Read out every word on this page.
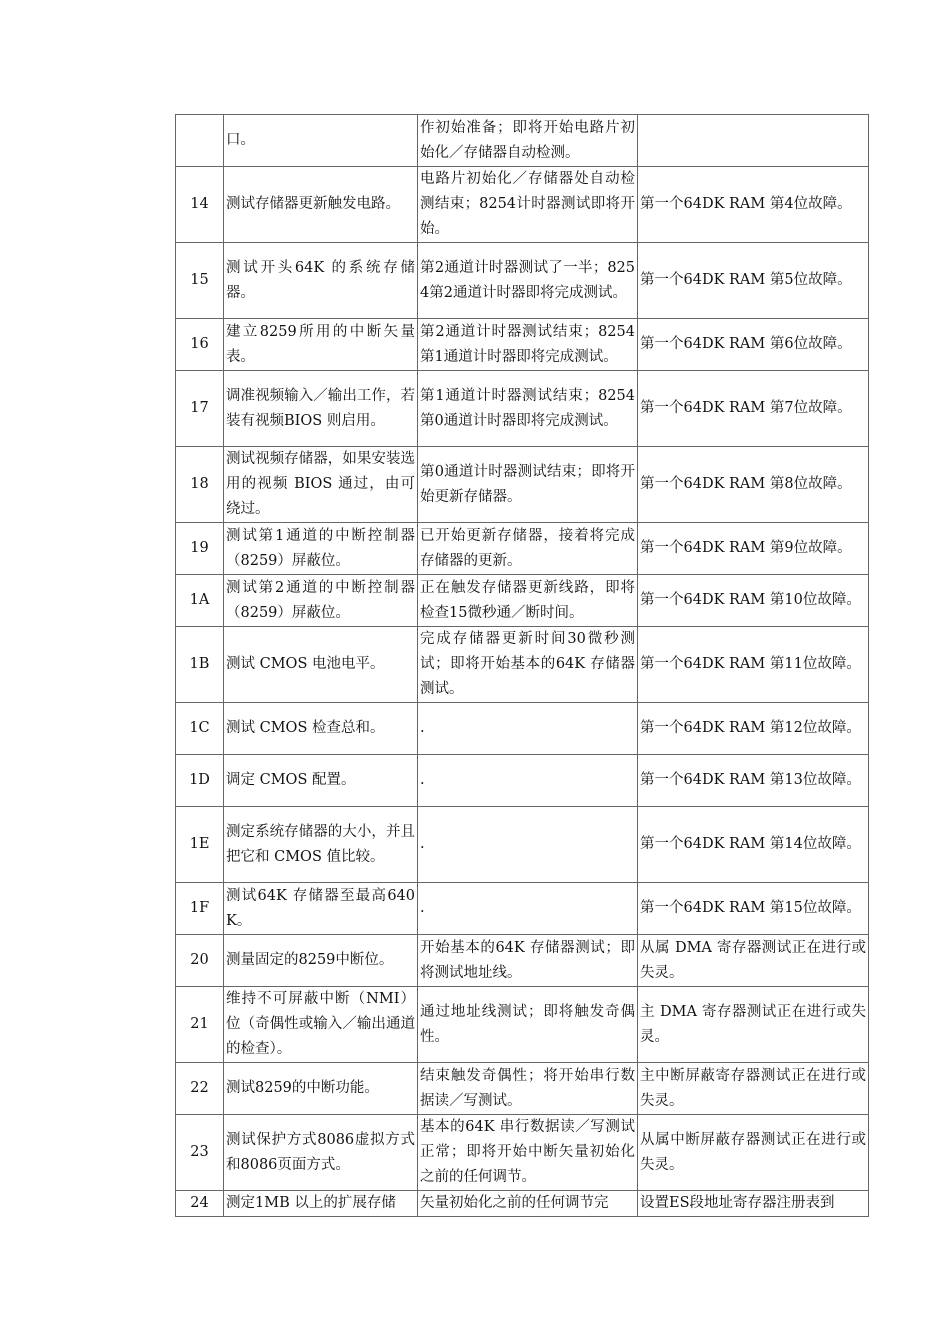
	口。	作初始准备；即将开始电路片初始化／存储器自动检测。	
14	测试存储器更新触发电路。	电路片初始化／存储器处自动检测结束；8254计时器测试即将开始。	第一个64DK RAM 第4位故障。
15	测试开头64K 的系统存储器。	第2通道计时器测试了一半；8254第2通道计时器即将完成测试。	第一个64DK RAM 第5位故障。
16	建立8259所用的中断矢量表。	第2通道计时器测试结束；8254第1通道计时器即将完成测试。	第一个64DK RAM 第6位故障。
17	调准视频输入／输出工作，若装有视频BIOS 则启用。	第1通道计时器测试结束；8254第0通道计时器即将完成测试。	第一个64DK RAM 第7位故障。
18	测试视频存储器，如果安装选用的视频 BIOS 通过，由可绕过。	第0通道计时器测试结束；即将开始更新存储器。	第一个64DK RAM 第8位故障。
19	测试第1通道的中断控制器（8259）屏蔽位。	已开始更新存储器，接着将完成存储器的更新。	第一个64DK RAM 第9位故障。
1A	测试第2通道的中断控制器（8259）屏蔽位。	正在触发存储器更新线路，即将检查15微秒通／断时间。	第一个64DK RAM 第10位故障。
1B	测试 CMOS 电池电平。	完成存储器更新时间30微秒测试；即将开始基本的64K 存储器测试。	第一个64DK RAM 第11位故障。
1C	测试 CMOS 检查总和。	.	第一个64DK RAM 第12位故障。
1D	调定 CMOS 配置。	.	第一个64DK RAM 第13位故障。
1E	测定系统存储器的大小，并且把它和 CMOS 值比较。	.	第一个64DK RAM 第14位故障。
1F	测试64K 存储器至最高640K。	.	第一个64DK RAM 第15位故障。
20	测量固定的8259中断位。	开始基本的64K 存储器测试；即将测试地址线。	从属 DMA 寄存器测试正在进行或失灵。
21	维持不可屏蔽中断（NMI）位（奇偶性或输入／输出通道的检查）。	通过地址线测试；即将触发奇偶性。	主 DMA 寄存器测试正在进行或失灵。
22	测试8259的中断功能。	结束触发奇偶性；将开始串行数据读／写测试。	主中断屏蔽寄存器测试正在进行或失灵。
23	测试保护方式8086虚拟方式和8086页面方式。	基本的64K 串行数据读／写测试正常；即将开始中断矢量初始化之前的任何调节。	从属中断屏蔽存器测试正在进行或失灵。
24	测定1MB 以上的扩展存储	矢量初始化之前的任何调节完	设置ES段地址寄存器注册表到
